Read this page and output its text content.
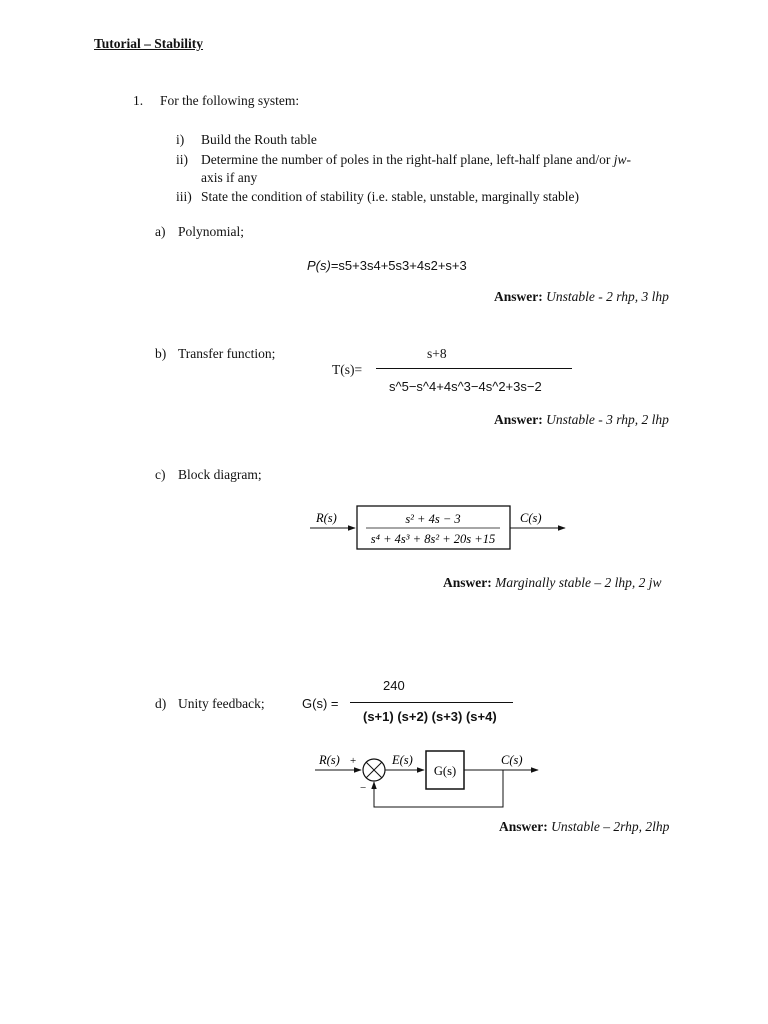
Tutorial – Stability
1. For the following system:
i) Build the Routh table
ii) Determine the number of poles in the right-half plane, left-half plane and/or jw-
axis if any
iii) State the condition of stability (i.e. stable, unstable, marginally stable)
a) Polynomial;
P(s)=s5+3s4+5s3+4s2+s+3
Answer: Unstable - 2 rhp, 3 lhp
b) Transfer function;
T(s)=
s+8
s^5−s^4+4s^3−4s^2+3s−2
Answer: Unstable - 3 rhp, 2 lhp
c) Block diagram;
R(s)	C(s)
s² + 4s − 3
s⁴ + 4s³ + 8s² + 20s +15
Answer: Marginally stable – 2 lhp, 2 jw
d) Unity feedback;	G(s) =
240
(s+1) (s+2) (s+3) (s+4)
R(s) +
−
E(s)
G(s)
C(s)
Answer: Unstable – 2rhp, 2lhp
